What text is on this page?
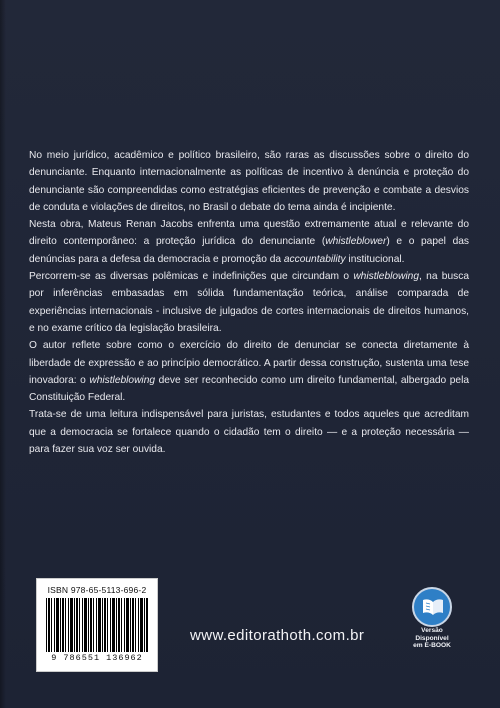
No meio jurídico, acadêmico e político brasileiro, são raras as discussões sobre o direito do denunciante. Enquanto internacionalmente as políticas de incentivo à denúncia e proteção do denunciante são compreendidas como estratégias eficientes de prevenção e combate a desvios de conduta e violações de direitos, no Brasil o debate do tema ainda é incipiente.

Nesta obra, Mateus Renan Jacobs enfrenta uma questão extremamente atual e relevante do direito contemporâneo: a proteção jurídica do denunciante (whistleblower) e o papel das denúncias para a defesa da democracia e promoção da accountability institucional.

Percorrem-se as diversas polêmicas e indefinições que circundam o whistleblowing, na busca por inferências embasadas em sólida fundamentação teórica, análise comparada de experiências internacionais - inclusive de julgados de cortes internacionais de direitos humanos, e no exame crítico da legislação brasileira.

O autor reflete sobre como o exercício do direito de denunciar se conecta diretamente à liberdade de expressão e ao princípio democrático. A partir dessa construção, sustenta uma tese inovadora: o whistleblowing deve ser reconhecido como um direito fundamental, albergado pela Constituição Federal.

Trata-se de uma leitura indispensável para juristas, estudantes e todos aqueles que acreditam que a democracia se fortalece quando o cidadão tem o direito — e a proteção necessária — para fazer sua voz ser ouvida.

ISBN 978-65-5113-696-2
9 786551 136962
Versão
Disponível
em E-BOOK
www.editorathoth.com.br
